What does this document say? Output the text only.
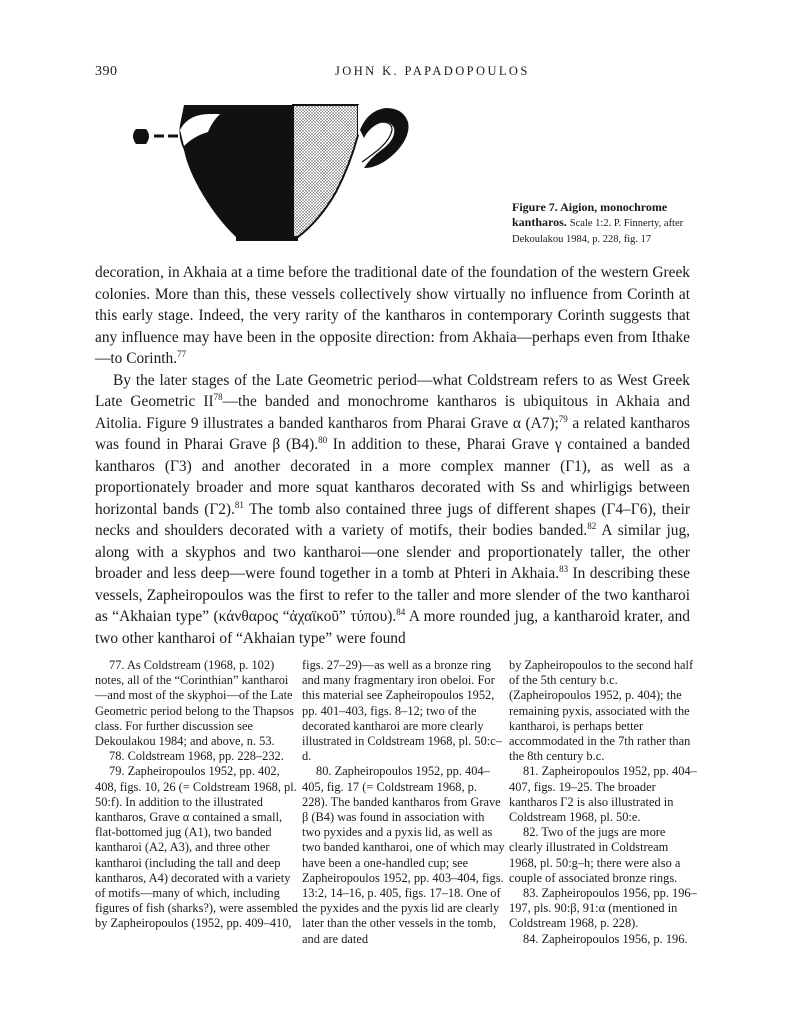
390	JOHN K. PAPADOPOULOS
Figure 7. Aigion, monochrome kantharos. Scale 1:2. P. Finnerty, after Dekoulakou 1984, p. 228, fig. 17

decoration, in Akhaia at a time before the traditional date of the foundation of the western Greek colonies. More than this, these vessels collectively show virtually no influence from Corinth at this early stage. Indeed, the very rarity of the kantharos in contemporary Corinth suggests that any influence may have been in the opposite direction: from Akhaia—perhaps even from Ithake—to Corinth.$^{77}$

By the later stages of the Late Geometric period—what Coldstream refers to as West Greek Late Geometric II$^{78}$—the banded and monochrome kantharos is ubiquitous in Akhaia and Aitolia. Figure 9 illustrates a banded kantharos from Pharai Grave α (A7);$^{79}$ a related kantharos was found in Pharai Grave β (B4).$^{80}$ In addition to these, Pharai Grave γ contained a banded kantharos (Γ3) and another decorated in a more complex manner (Γ1), as well as a proportionately broader and more squat kantharos decorated with Ss and whirligigs between horizontal bands (Γ2).$^{81}$ The tomb also contained three jugs of different shapes (Γ4–Γ6), their necks and shoulders decorated with a variety of motifs, their bodies banded.$^{82}$ A similar jug, along with a skyphos and two kantharoi—one slender and proportionately taller, the other broader and less deep—were found together in a tomb at Phteri in Akhaia.$^{83}$ In describing these vessels, Zapheiropoulos was the first to refer to the taller and more slender of the two kantharoi as “Akhaian type” (κάνθαρος “ἀχαϊκοῦ” τύπου).$^{84}$ A more rounded jug, a kantharoid krater, and two other kantharoi of “Akhaian type” were found

77. As Coldstream (1968, p. 102) notes, all of the “Corinthian” kantharoi—and most of the skyphoi—of the Late Geometric period belong to the Thapsos class. For further discussion see Dekoulakou 1984; and above, n. 53.

78. Coldstream 1968, pp. 228–232.

79. Zapheiropoulos 1952, pp. 402, 408, figs. 10, 26 (= Coldstream 1968, pl. 50:f). In addition to the illustrated kantharos, Grave α contained a small, flat-bottomed jug (A1), two banded kantharoi (A2, A3), and three other kantharoi (including the tall and deep kantharos, A4) decorated with a variety of motifs—many of which, including figures of fish (sharks?), were assembled by Zapheiropoulos (1952, pp. 409–410,

figs. 27–29)—as well as a bronze ring and many fragmentary iron obeloi. For this material see Zapheiropoulos 1952, pp. 401–403, figs. 8–12; two of the decorated kantharoi are more clearly illustrated in Coldstream 1968, pl. 50:c–d.

80. Zapheiropoulos 1952, pp. 404–405, fig. 17 (= Coldstream 1968, p. 228). The banded kantharos from Grave β (B4) was found in association with two pyxides and a pyxis lid, as well as two banded kantharoi, one of which may have been a one-handled cup; see Zapheiropoulos 1952, pp. 403–404, figs. 13:2, 14–16, p. 405, figs. 17–18. One of the pyxides and the pyxis lid are clearly later than the other vessels in the tomb, and are dated

by Zapheiropoulos to the second half of the 5th century b.c. (Zapheiropoulos 1952, p. 404); the remaining pyxis, associated with the kantharoi, is perhaps better accommodated in the 7th rather than the 8th century b.c.

81. Zapheiropoulos 1952, pp. 404–407, figs. 19–25. The broader kantharos Γ2 is also illustrated in Coldstream 1968, pl. 50:e.

82. Two of the jugs are more clearly illustrated in Coldstream 1968, pl. 50:g–h; there were also a couple of associated bronze rings.

83. Zapheiropoulos 1956, pp. 196–197, pls. 90:β, 91:α (mentioned in Coldstream 1968, p. 228).

84. Zapheiropoulos 1956, p. 196.
